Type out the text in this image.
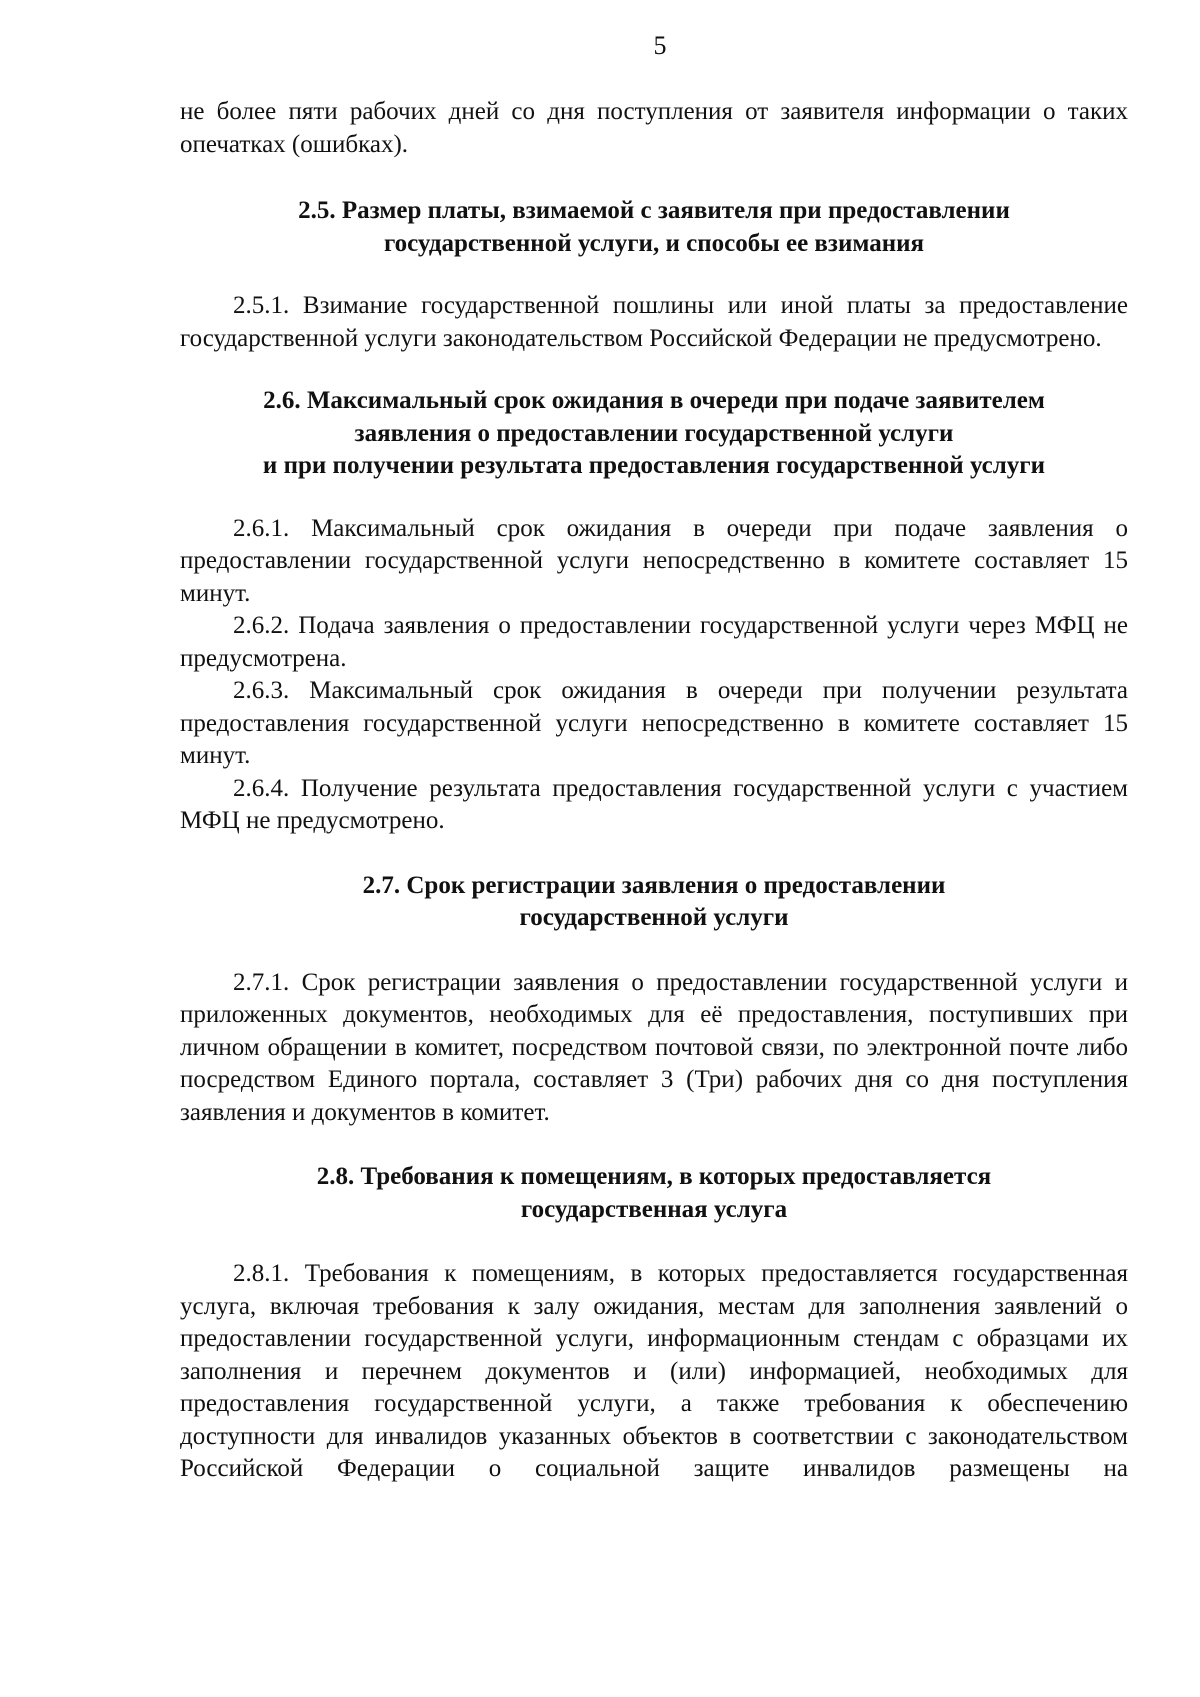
5

не более пяти рабочих дней со дня поступления от заявителя информации о таких опечатках (ошибках).

2.5. Размер платы, взимаемой с заявителя при предоставлении
государственной услуги, и способы ее взимания

2.5.1. Взимание государственной пошлины или иной платы за предоставление государственной услуги законодательством Российской Федерации не предусмотрено.

2.6. Максимальный срок ожидания в очереди при подаче заявителем
заявления о предоставлении государственной услуги
и при получении результата предоставления государственной услуги

2.6.1. Максимальный срок ожидания в очереди при подаче заявления о предоставлении государственной услуги непосредственно в комитете составляет 15 минут.

2.6.2. Подача заявления о предоставлении государственной услуги через МФЦ не предусмотрена.

2.6.3. Максимальный срок ожидания в очереди при получении результата предоставления государственной услуги непосредственно в комитете составляет 15 минут.

2.6.4. Получение результата предоставления государственной услуги с участием МФЦ не предусмотрено.

2.7. Срок регистрации заявления о предоставлении
государственной услуги

2.7.1. Срок регистрации заявления о предоставлении государственной услуги и приложенных документов, необходимых для её предоставления, поступивших при личном обращении в комитет, посредством почтовой связи, по электронной почте либо посредством Единого портала, составляет 3 (Три) рабочих дня со дня поступления заявления и документов в комитет.

2.8. Требования к помещениям, в которых предоставляется
государственная услуга

2.8.1. Требования к помещениям, в которых предоставляется государственная услуга, включая требования к залу ожидания, местам для заполнения заявлений о предоставлении государственной услуги, информационным стендам с образцами их заполнения и перечнем документов и (или) информацией, необходимых для предоставления государственной услуги, а также требования к обеспечению доступности для инвалидов указанных объектов в соответствии с законодательством Российской Федерации о социальной защите инвалидов размещены на
